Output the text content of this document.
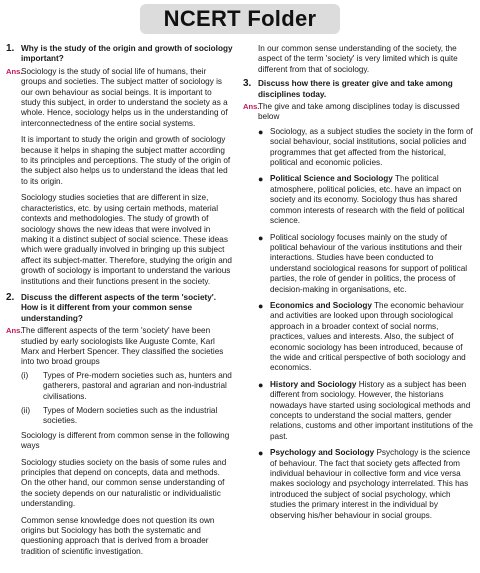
NCERT Folder
1. Why is the study of the origin and growth of sociology important?
Ans.
Sociology is the study of social life of humans, their groups and societies. The subject matter of sociology is our own behaviour as social beings. It is important to study this subject, in order to understand the society as a whole. Hence, sociology helps us in the understanding of interconnectedness of the entire social systems.
It is important to study the origin and growth of sociology because it helps in shaping the subject matter according to its principles and perceptions. The study of the origin of the subject also helps us to understand the ideas that led to its origin.
Sociology studies societies that are different in size, characteristics, etc. by using certain methods, material contexts and methodologies. The study of growth of sociology shows the new ideas that were involved in making it a distinct subject of social science. These ideas which were gradually involved in bringing up this subject affect its subject-matter. Therefore, studying the origin and growth of sociology is important to understand the various institutions and their functions present in the society.
2. Discuss the different aspects of the term 'society'. How is it different from your common sense understanding?
Ans.
The different aspects of the term 'society' have been studied by early sociologists like Auguste Comte, Karl Marx and Herbert Spencer. They classified the societies into two broad groups
(i)	Types of Pre-modern societies such as, hunters and gatherers, pastoral and agrarian and non-industrial civilisations.
(ii)	Types of Modern societies such as the industrial societies.
Sociology is different from common sense in the following ways
Sociology studies society on the basis of some rules and principles that depend on concepts, data and methods. On the other hand, our common sense understanding of the society depends on our naturalistic or individualistic understanding.
Common sense knowledge does not question its own origins but Sociology has both the systematic and questioning approach that is derived from a broader tradition of scientific investigation.
In our common sense understanding of the society, the aspect of the term 'society' is very limited which is quite different from that of sociology.
3. Discuss how there is greater give and take among disciplines today.
Ans.
The give and take among disciplines today is discussed below
● Sociology, as a subject studies the society in the form of social behaviour, social institutions, social policies and programmes that get affected from the historical, political and economic policies.
● Political Science and Sociology The political atmosphere, political policies, etc. have an impact on society and its economy. Sociology thus has shared common interests of research with the field of political science.
● Political sociology focuses mainly on the study of political behaviour of the various institutions and their interactions. Studies have been conducted to understand sociological reasons for support of political parties, the role of gender in politics, the process of decision-making in organisations, etc.
● Economics and Sociology The economic behaviour and activities are looked upon through sociological approach in a broader context of social norms, practices, values and interests. Also, the subject of economic sociology has been introduced, because of the wide and critical perspective of both sociology and economics.
● History and Sociology History as a subject has been different from sociology. However, the historians nowadays have started using sociological methods and concepts to understand the social matters, gender relations, customs and other important institutions of the past.
● Psychology and Sociology Psychology is the science of behaviour. The fact that society gets affected from individual behaviour in collective form and vice versa makes sociology and psychology interrelated. This has introduced the subject of social psychology, which studies the primary interest in the individual by observing his/her behaviour in social groups.
